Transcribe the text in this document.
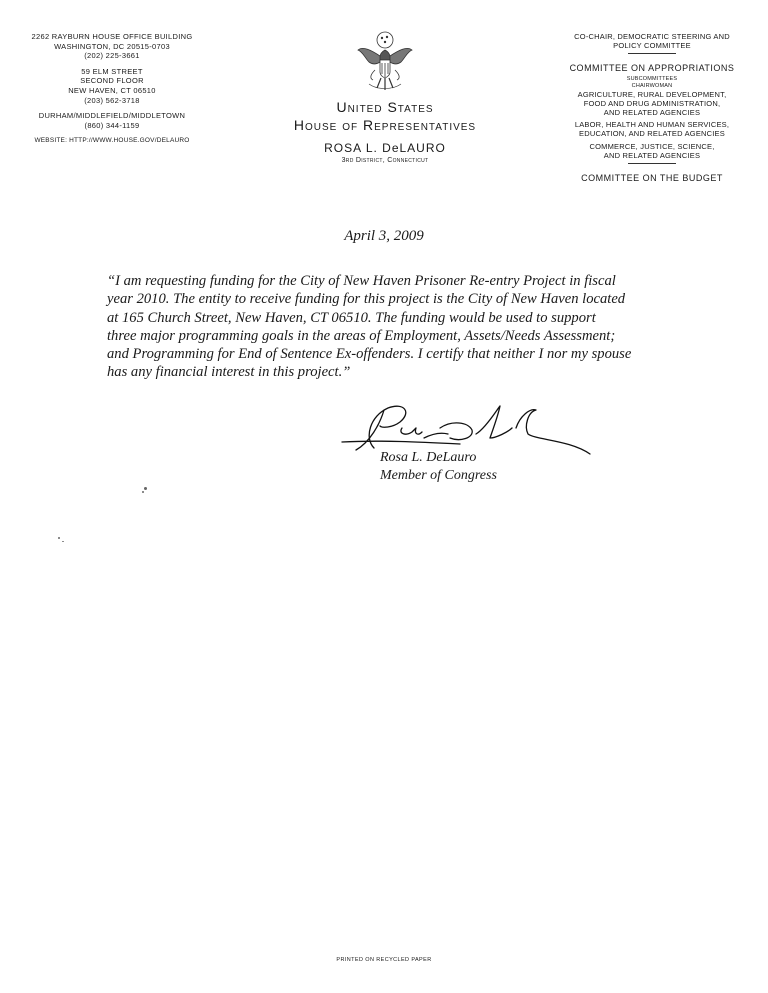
2262 RAYBURN HOUSE OFFICE BUILDING
WASHINGTON, DC 20515-0703
(202) 225-3661
59 ELM STREET
SECOND FLOOR
NEW HAVEN, CT 06510
(203) 562-3718
DURHAM/MIDDLEFIELD/MIDDLETOWN
(860) 344-1159
WEBSITE: HTTP://WWW.HOUSE.GOV/DELAURO
United States
House of Representatives
ROSA L. DeLAURO
3rd District, Connecticut
CO-CHAIR, DEMOCRATIC STEERING AND
POLICY COMMITTEE
COMMITTEE ON APPROPRIATIONS
SUBCOMMITTEES
CHAIRWOMAN
AGRICULTURE, RURAL DEVELOPMENT,
FOOD AND DRUG ADMINISTRATION,
AND RELATED AGENCIES
LABOR, HEALTH AND HUMAN SERVICES,
EDUCATION, AND RELATED AGENCIES
COMMERCE, JUSTICE, SCIENCE,
AND RELATED AGENCIES
COMMITTEE ON THE BUDGET
April 3, 2009
“I am requesting funding for the City of New Haven Prisoner Re-entry Project in fiscal
year 2010. The entity to receive funding for this project is the City of New Haven located
at 165 Church Street, New Haven, CT 06510. The funding would be used to support
three major programming goals in the areas of Employment, Assets/Needs Assessment;
and Programming for End of Sentence Ex-offenders. I certify that neither I nor my spouse
has any financial interest in this project.”
Rosa L. DeLauro
Member of Congress
PRINTED ON RECYCLED PAPER
